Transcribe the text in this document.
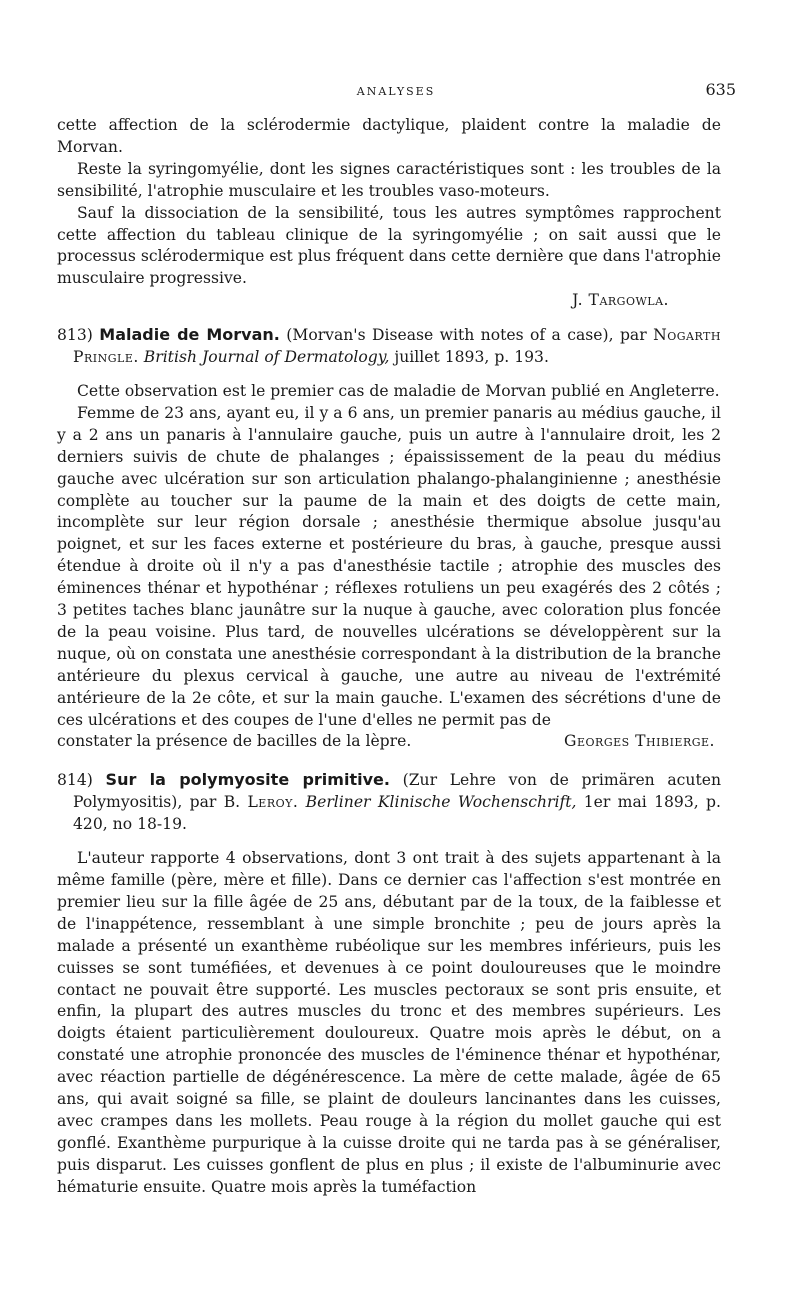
ANALYSES	635

cette affection de la sclérodermie dactylique, plaident contre la maladie de Morvan.

Reste la syringomyélie, dont les signes caractéristiques sont : les troubles de la sensibilité, l'atrophie musculaire et les troubles vaso-moteurs.

Sauf la dissociation de la sensibilité, tous les autres symptômes rapprochent cette affection du tableau clinique de la syringomyélie ; on sait aussi que le processus sclérodermique est plus fréquent dans cette dernière que dans l'atrophie musculaire progressive.

J. Targowla.

813) Maladie de Morvan. (Morvan's Disease with notes of a case), par Nogarth Pringle. British Journal of Dermatology, juillet 1893, p. 193.

Cette observation est le premier cas de maladie de Morvan publié en Angleterre.

Femme de 23 ans, ayant eu, il y a 6 ans, un premier panaris au médius gauche, il y a 2 ans un panaris à l'annulaire gauche, puis un autre à l'annulaire droit, les 2 derniers suivis de chute de phalanges ; épaississement de la peau du médius gauche avec ulcération sur son articulation phalango-phalanginienne ; anesthésie complète au toucher sur la paume de la main et des doigts de cette main, incomplète sur leur région dorsale ; anesthésie thermique absolue jusqu'au poignet, et sur les faces externe et postérieure du bras, à gauche, presque aussi étendue à droite où il n'y a pas d'anesthésie tactile ; atrophie des muscles des éminences thénar et hypothénar ; réflexes rotuliens un peu exagérés des 2 côtés ; 3 petites taches blanc jaunâtre sur la nuque à gauche, avec coloration plus foncée de la peau voisine. Plus tard, de nouvelles ulcérations se développèrent sur la nuque, où on constata une anesthésie correspondant à la distribution de la branche antérieure du plexus cervical à gauche, une autre au niveau de l'extrémité antérieure de la 2e côte, et sur la main gauche. L'examen des sécrétions d'une de ces ulcérations et des coupes de l'une d'elles ne permit pas de

constater la présence de bacilles de la lèpre.	Georges Thibierge.

814) Sur la polymyosite primitive. (Zur Lehre von de primären acuten Polymyositis), par B. Leroy. Berliner Klinische Wochenschrift, 1er mai 1893, p. 420, no 18-19.

L'auteur rapporte 4 observations, dont 3 ont trait à des sujets appartenant à la même famille (père, mère et fille). Dans ce dernier cas l'affection s'est montrée en premier lieu sur la fille âgée de 25 ans, débutant par de la toux, de la faiblesse et de l'inappétence, ressemblant à une simple bronchite ; peu de jours après la malade a présenté un exanthème rubéolique sur les membres inférieurs, puis les cuisses se sont tuméfiées, et devenues à ce point douloureuses que le moindre contact ne pouvait être supporté. Les muscles pectoraux se sont pris ensuite, et enfin, la plupart des autres muscles du tronc et des membres supérieurs. Les doigts étaient particulièrement douloureux. Quatre mois après le début, on a constaté une atrophie prononcée des muscles de l'éminence thénar et hypothénar, avec réaction partielle de dégénérescence. La mère de cette malade, âgée de 65 ans, qui avait soigné sa fille, se plaint de douleurs lancinantes dans les cuisses, avec crampes dans les mollets. Peau rouge à la région du mollet gauche qui est gonflé. Exanthème purpurique à la cuisse droite qui ne tarda pas à se généraliser, puis disparut. Les cuisses gonflent de plus en plus ; il existe de l'albuminurie avec hématurie ensuite. Quatre mois après la tuméfaction
